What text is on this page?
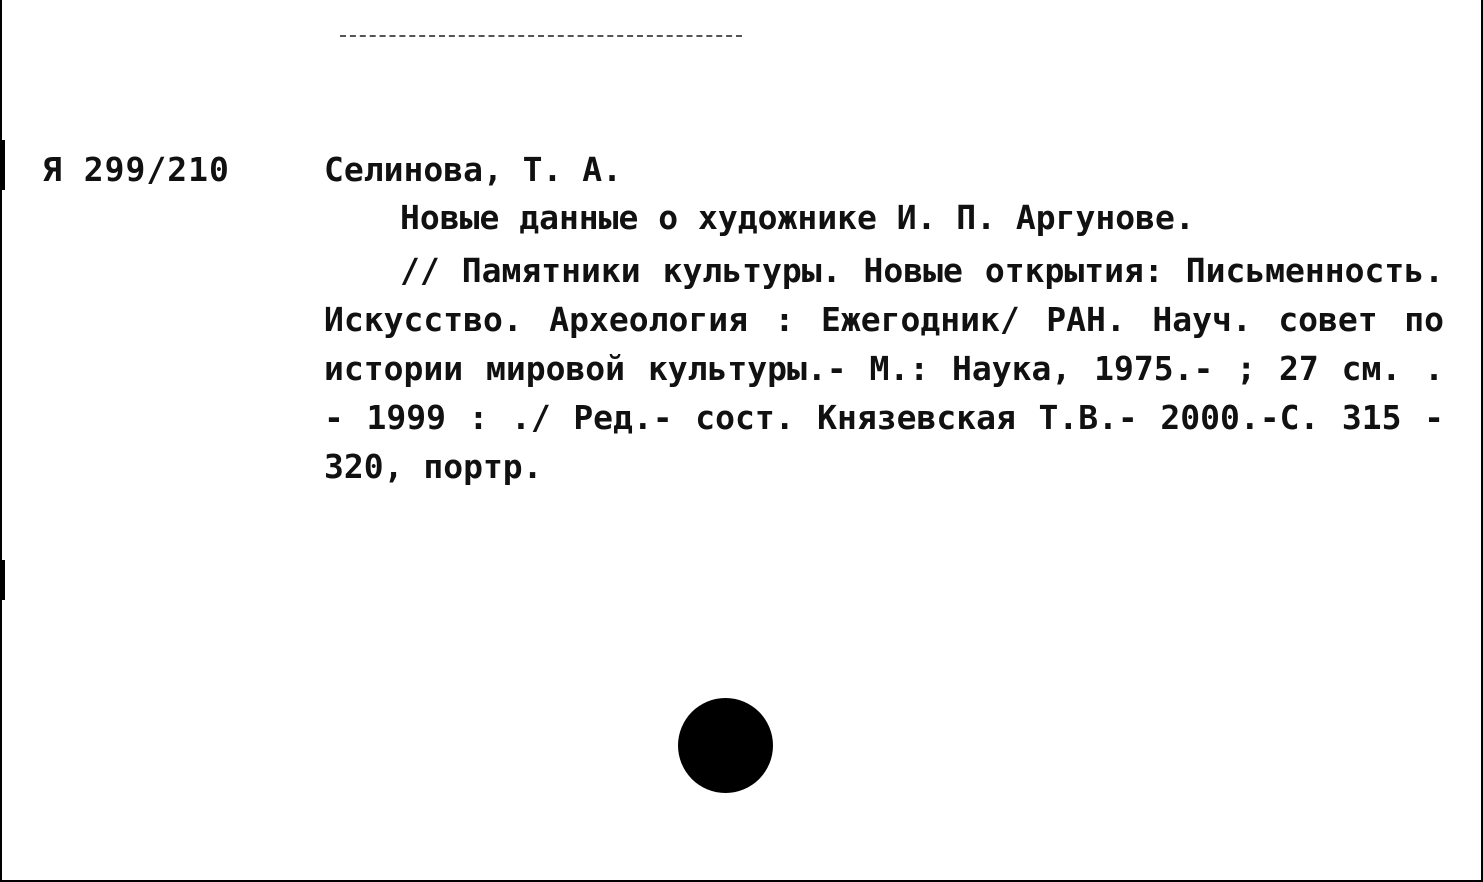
Я 299/210	Селинова, Т. А.
Новые данные о художнике И. П. Аргунове.
// Памятники культуры. Новые открытия: Письменность. Искусство. Археология : Ежегодник/ РАН. Науч. совет по истории мировой культуры.- М.: Наука, 1975.- ; 27 см. . - 1999 : ./ Ред.- сост. Князевская Т.В.- 2000.-С. 315 - 320, портр.
